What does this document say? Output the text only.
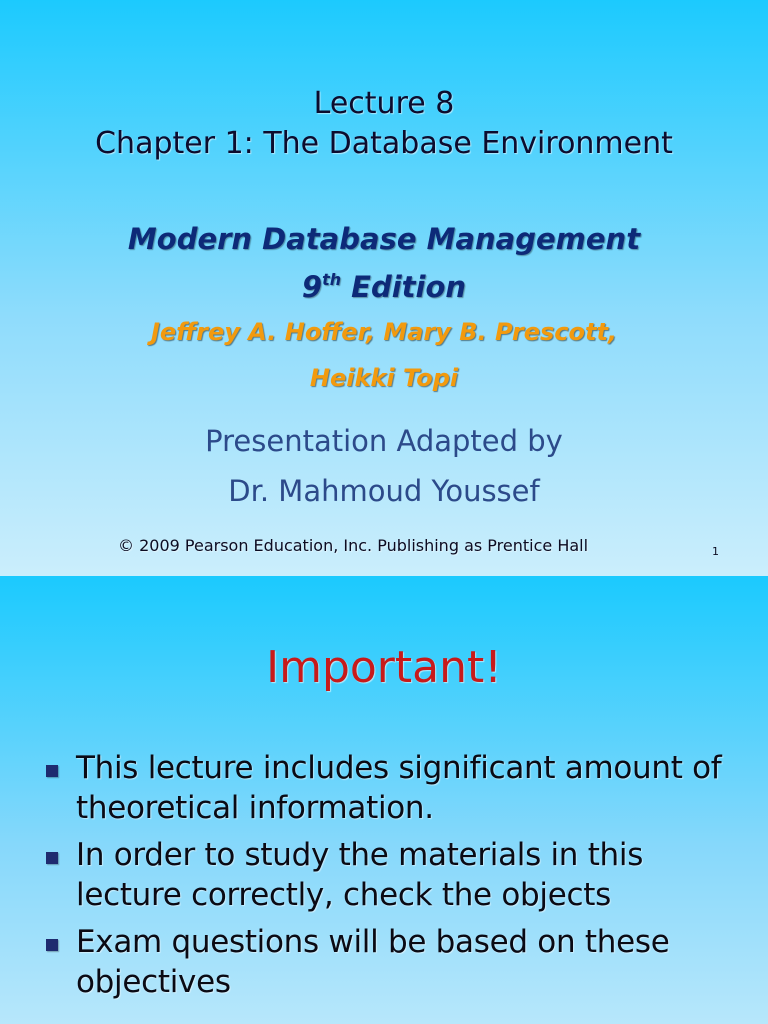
Lecture 8
Chapter 1: The Database Environment
Modern Database Management
9th Edition
Jeffrey A. Hoffer, Mary B. Prescott,
Heikki Topi
Presentation Adapted by
Dr. Mahmoud Youssef
© 2009 Pearson Education, Inc. Publishing as Prentice Hall	1
Important!
This lecture includes significant amount of theoretical information.
In order to study the materials in this lecture correctly, check the objects
Exam questions will be based on these objectives
